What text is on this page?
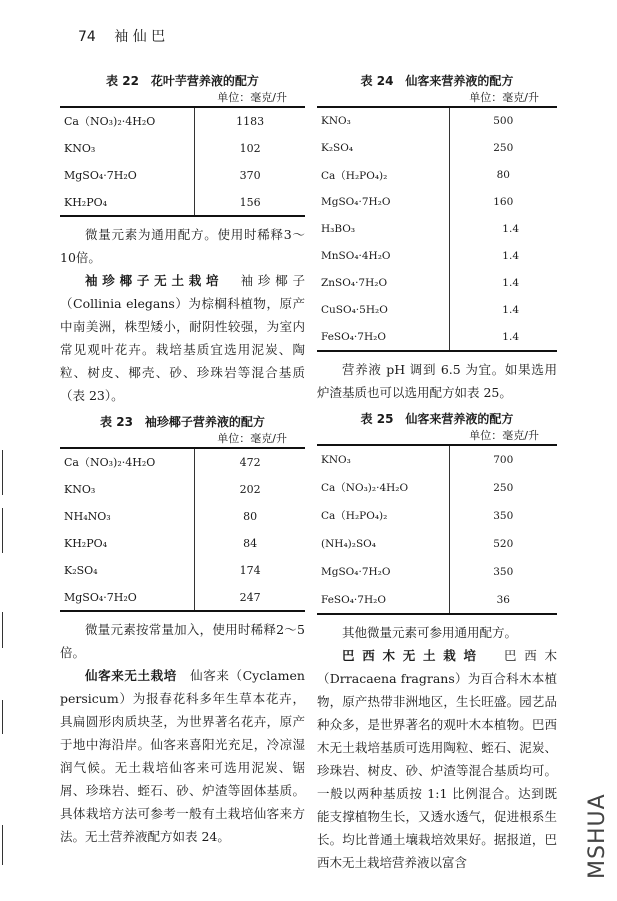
74 袖 仙 巴

表 22　花叶芋营养液的配方

单位：毫克/升
Ca（NO₃)₂·4H₂O	1183
KNO₃	102
MgSO₄·7H₂O	370
KH₂PO₄	156

微量元素为通用配方。使用时稀释3～10倍。

袖珍椰子无土栽培　袖珍椰子（Collinia elegans）为棕榈科植物，原产中南美洲，株型矮小，耐阴性较强，为室内常见观叶花卉。栽培基质宜选用泥炭、陶粒、树皮、椰壳、砂、珍珠岩等混合基质（表 23）。

表 23　袖珍椰子营养液的配方

单位：毫克/升
Ca（NO₃)₂·4H₂O	472
KNO₃	202
NH₄NO₃	80
KH₂PO₄	84
K₂SO₄	174
MgSO₄·7H₂O	247

微量元素按常量加入，使用时稀释2～5倍。

仙客来无土栽培　仙客来（Cyclamen persicum）为报春花科多年生草本花卉，具扁圆形肉质块茎，为世界著名花卉，原产于地中海沿岸。仙客来喜阳光充足，冷凉湿润气候。无土栽培仙客来可选用泥炭、锯屑、珍珠岩、蛭石、砂、炉渣等固体基质。具体栽培方法可参考一般有土栽培仙客来方法。无土营养液配方如表 24。

表 24　仙客来营养液的配方

单位：毫克/升
KNO₃	500
K₂SO₄	250
Ca（H₂PO₄)₂	80
MgSO₄·7H₂O	160
H₃BO₃	1.4
MnSO₄·4H₂O	1.4
ZnSO₄·7H₂O	1.4
CuSO₄·5H₂O	1.4
FeSO₄·7H₂O	1.4

营养液 pH 调到 6.5 为宜。如果选用炉渣基质也可以选用配方如表 25。

表 25　仙客来营养液的配方

单位：毫克/升
KNO₃	700
Ca（NO₃)₂·4H₂O	250
Ca（H₂PO₄)₂	350
(NH₄)₂SO₄	520
MgSO₄·7H₂O	350
FeSO₄·7H₂O	36

其他微量元素可参用通用配方。

巴西木无土栽培　巴西木（Drracaena fragrans）为百合科木本植物，原产热带非洲地区，生长旺盛。园艺品种众多，是世界著名的观叶木本植物。巴西木无土栽培基质可选用陶粒、蛭石、泥炭、珍珠岩、树皮、砂、炉渣等混合基质均可。一般以两种基质按 1:1 比例混合。达到既能支撑植物生长，又透水透气，促进根系生长。均比普通土壤栽培效果好。据报道，巴西木无土栽培营养液以富含	MSHUA
